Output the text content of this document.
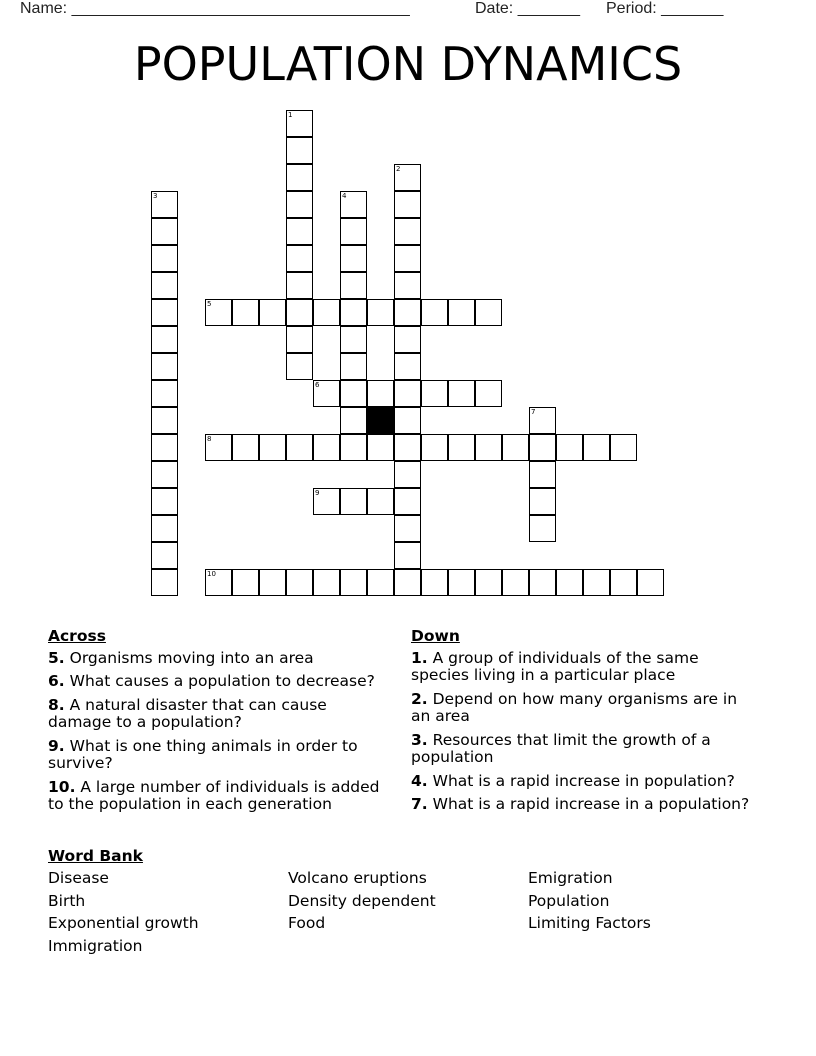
Name: ______________________________________	Date: _______ Period: _______
POPULATION DYNAMICS
1
2
3	4
5
6
7
8
9
10
Across
5. Organisms moving into an area
6. What causes a population to decrease?
8. A natural disaster that can cause damage to a population?
9. What is one thing animals in order to survive?
10. A large number of individuals is added to the population in each generation
Down
1. A group of individuals of the same species living in a particular place
2. Depend on how many organisms are in an area
3. Resources that limit the growth of a population
4. What is a rapid increase in population?
7. What is a rapid increase in a population?
Word Bank
Disease	Volcano eruptions	Emigration
Birth	Density dependent	Population
Exponential growth	Food	Limiting Factors
Immigration
